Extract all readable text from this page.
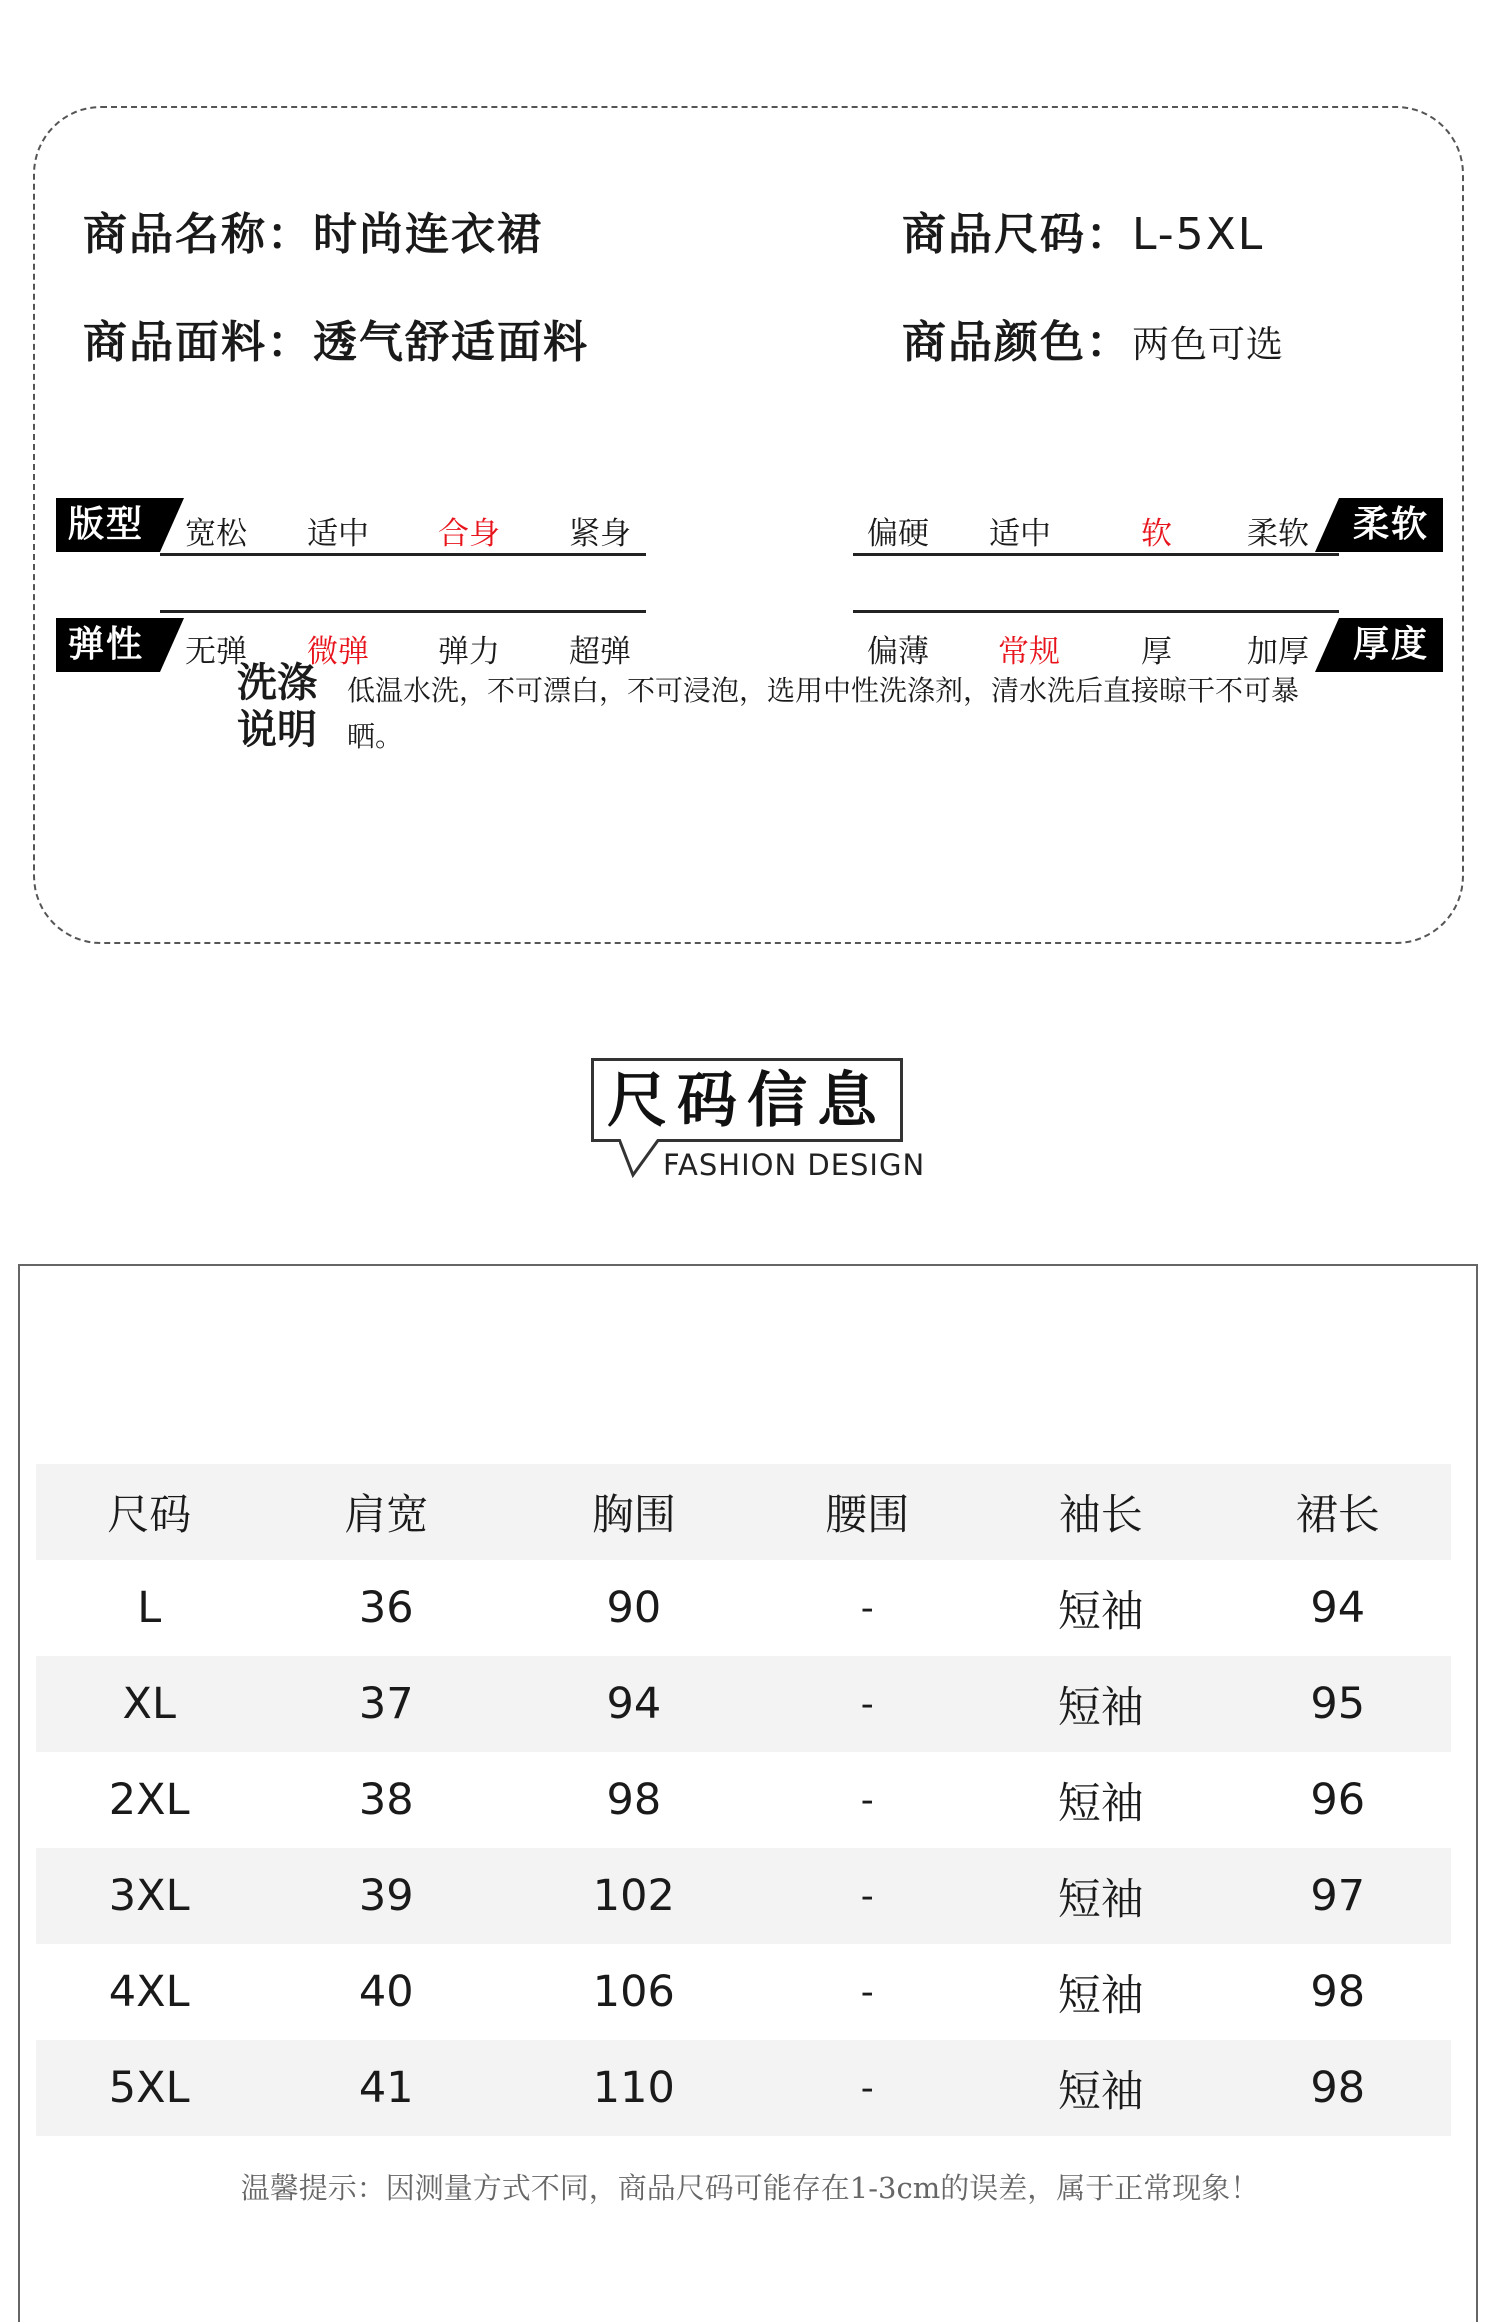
商品名称：时尚连衣裙	商品尺码：L-5XL
商品面料：透气舒适面料	商品颜色：两色可选
版型	宽松 适中 合身 紧身	柔软
偏硬 适中	软 柔软
弹性	无弹 微弹 弹力 超弹	厚度
偏薄 常规	厚 加厚
洗涤
说明
低温水洗，不可漂白，不可浸泡，选用中性洗涤剂，清水洗后直接晾干不可暴晒。
尺码信息
FASHION DESIGN
尺码	肩宽	胸围	腰围	袖长	裙长
L	36	90	-	短袖	94
XL	37	94	-	短袖	95
2XL	38	98	-	短袖	96
3XL	39	102	-	短袖	97
4XL	40	106	-	短袖	98
5XL	41	110	-	短袖	98
温馨提示：因测量方式不同，商品尺码可能存在1-3cm的误差，属于正常现象！
